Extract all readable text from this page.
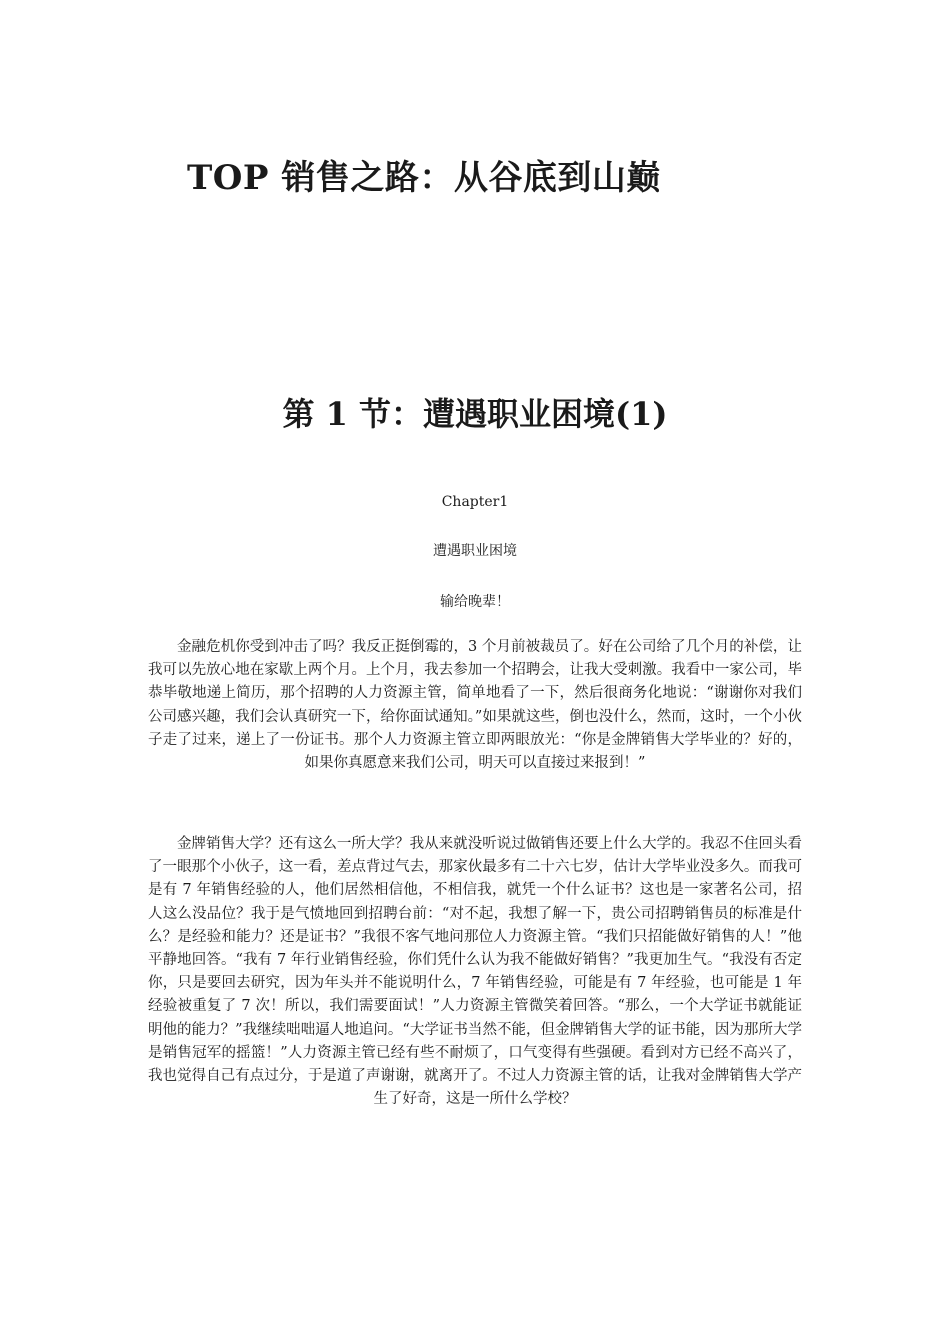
TOP 销售之路：从谷底到山巅
第 1 节：遭遇职业困境(1)

Chapter1

遭遇职业困境

输给晚辈！

金融危机你受到冲击了吗？我反正挺倒霉的，3 个月前被裁员了。好在公司给了几个月的补偿，让我可以先放心地在家歇上两个月。上个月，我去参加一个招聘会，让我大受刺激。我看中一家公司，毕恭毕敬地递上简历，那个招聘的人力资源主管，简单地看了一下，然后很商务化地说：“谢谢你对我们公司感兴趣，我们会认真研究一下，给你面试通知。”如果就这些，倒也没什么，然而，这时，一个小伙子走了过来，递上了一份证书。那个人力资源主管立即两眼放光：“你是金牌销售大学毕业的？好的，如果你真愿意来我们公司，明天可以直接过来报到！”

金牌销售大学？还有这么一所大学？我从来就没听说过做销售还要上什么大学的。我忍不住回头看了一眼那个小伙子，这一看，差点背过气去，那家伙最多有二十六七岁，估计大学毕业没多久。而我可是有 7 年销售经验的人，他们居然相信他，不相信我，就凭一个什么证书？这也是一家著名公司，招人这么没品位？我于是气愤地回到招聘台前：“对不起，我想了解一下，贵公司招聘销售员的标准是什么？是经验和能力？还是证书？”我很不客气地问那位人力资源主管。“我们只招能做好销售的人！”他平静地回答。“我有 7 年行业销售经验，你们凭什么认为我不能做好销售？”我更加生气。“我没有否定你，只是要回去研究，因为年头并不能说明什么，7 年销售经验，可能是有 7 年经验，也可能是 1 年经验被重复了 7 次！所以，我们需要面试！”人力资源主管微笑着回答。“那么，一个大学证书就能证明他的能力？”我继续咄咄逼人地追问。“大学证书当然不能，但金牌销售大学的证书能，因为那所大学是销售冠军的摇篮！”人力资源主管已经有些不耐烦了，口气变得有些强硬。看到对方已经不高兴了，我也觉得自己有点过分，于是道了声谢谢，就离开了。不过人力资源主管的话，让我对金牌销售大学产生了好奇，这是一所什么学校？
